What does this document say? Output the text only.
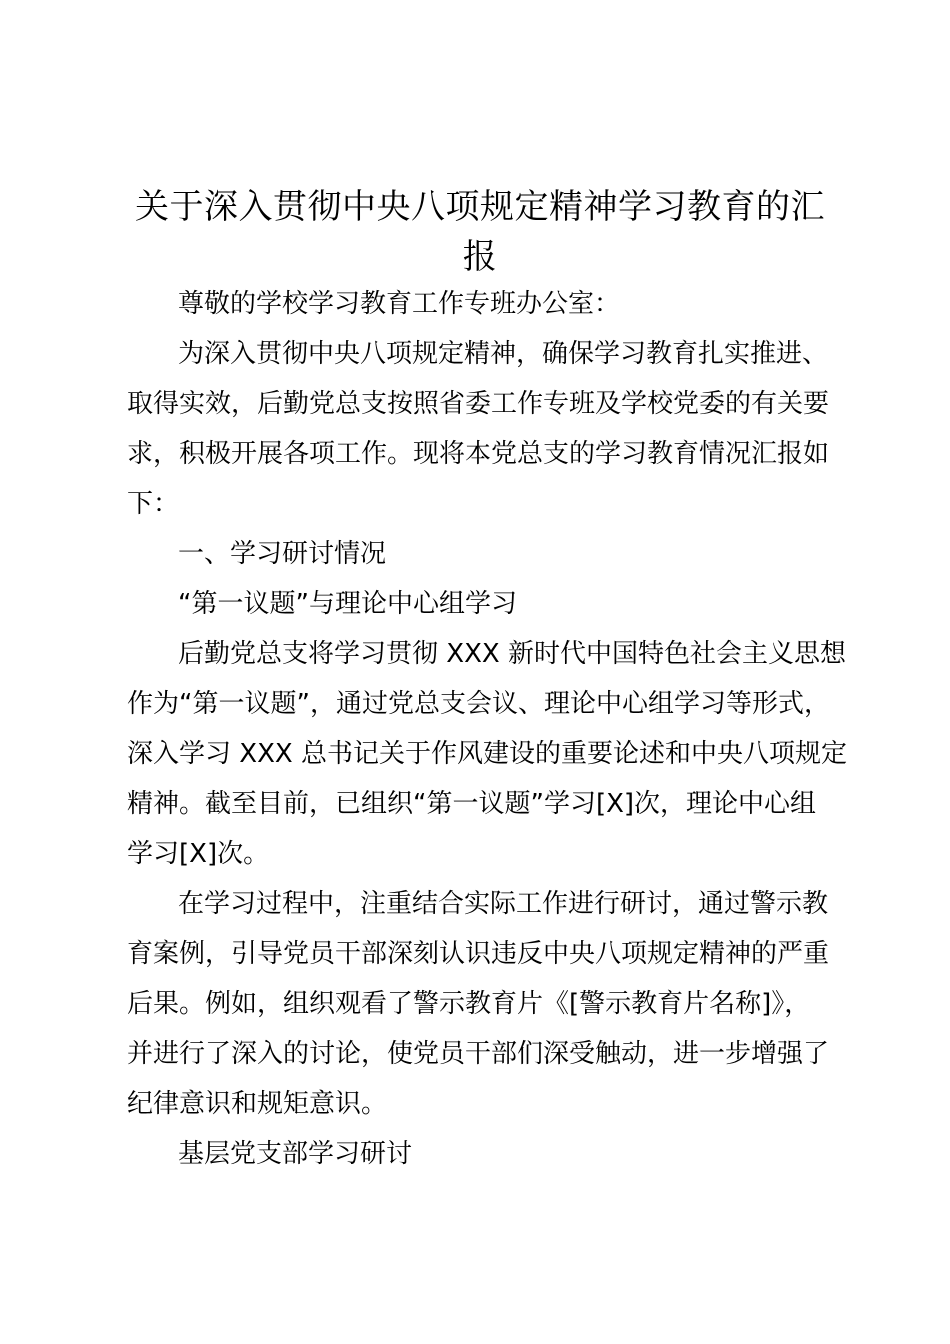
关于深入贯彻中央八项规定精神学习教育的汇
报
尊敬的学校学习教育工作专班办公室：
为深入贯彻中央八项规定精神，确保学习教育扎实推进、
取得实效，后勤党总支按照省委工作专班及学校党委的有关要
求，积极开展各项工作。现将本党总支的学习教育情况汇报如
下：
一、学习研讨情况
“第一议题”与理论中心组学习
后勤党总支将学习贯彻 XXX 新时代中国特色社会主义思想
作为“第一议题”，通过党总支会议、理论中心组学习等形式，
深入学习 XXX 总书记关于作风建设的重要论述和中央八项规定
精神。截至目前，已组织“第一议题”学习[X]次，理论中心组
学习[X]次。
在学习过程中，注重结合实际工作进行研讨，通过警示教
育案例，引导党员干部深刻认识违反中央八项规定精神的严重
后果。例如，组织观看了警示教育片《[警示教育片名称]》，
并进行了深入的讨论，使党员干部们深受触动，进一步增强了
纪律意识和规矩意识。
基层党支部学习研讨
